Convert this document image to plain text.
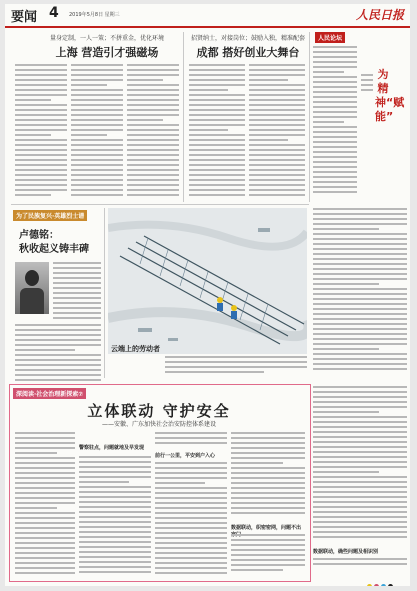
要闻 4 2019年5月8日 星期三	人民日报
量身定制，一人一策；不拼重金，优化环境
上海 营造引才强磁场
招贤纳士，对接岗位；鼓励入独，精准配套
成都 搭好创业大舞台
人民论坛
为精神“赋能”
为了民族复兴·英雄烈士谱
卢德铭：
秋收起义铸丰碑
云端上的劳动者
深阅读·社会治理新探索⑦
立体联动 守护安全
——安徽、广东加快社会治安防控体系建设
警察驻点，问题就地及早发现
前行一公里，平安到户入心
数据联动，织密密网，问题不出
数据联动，确些问题及相识别
